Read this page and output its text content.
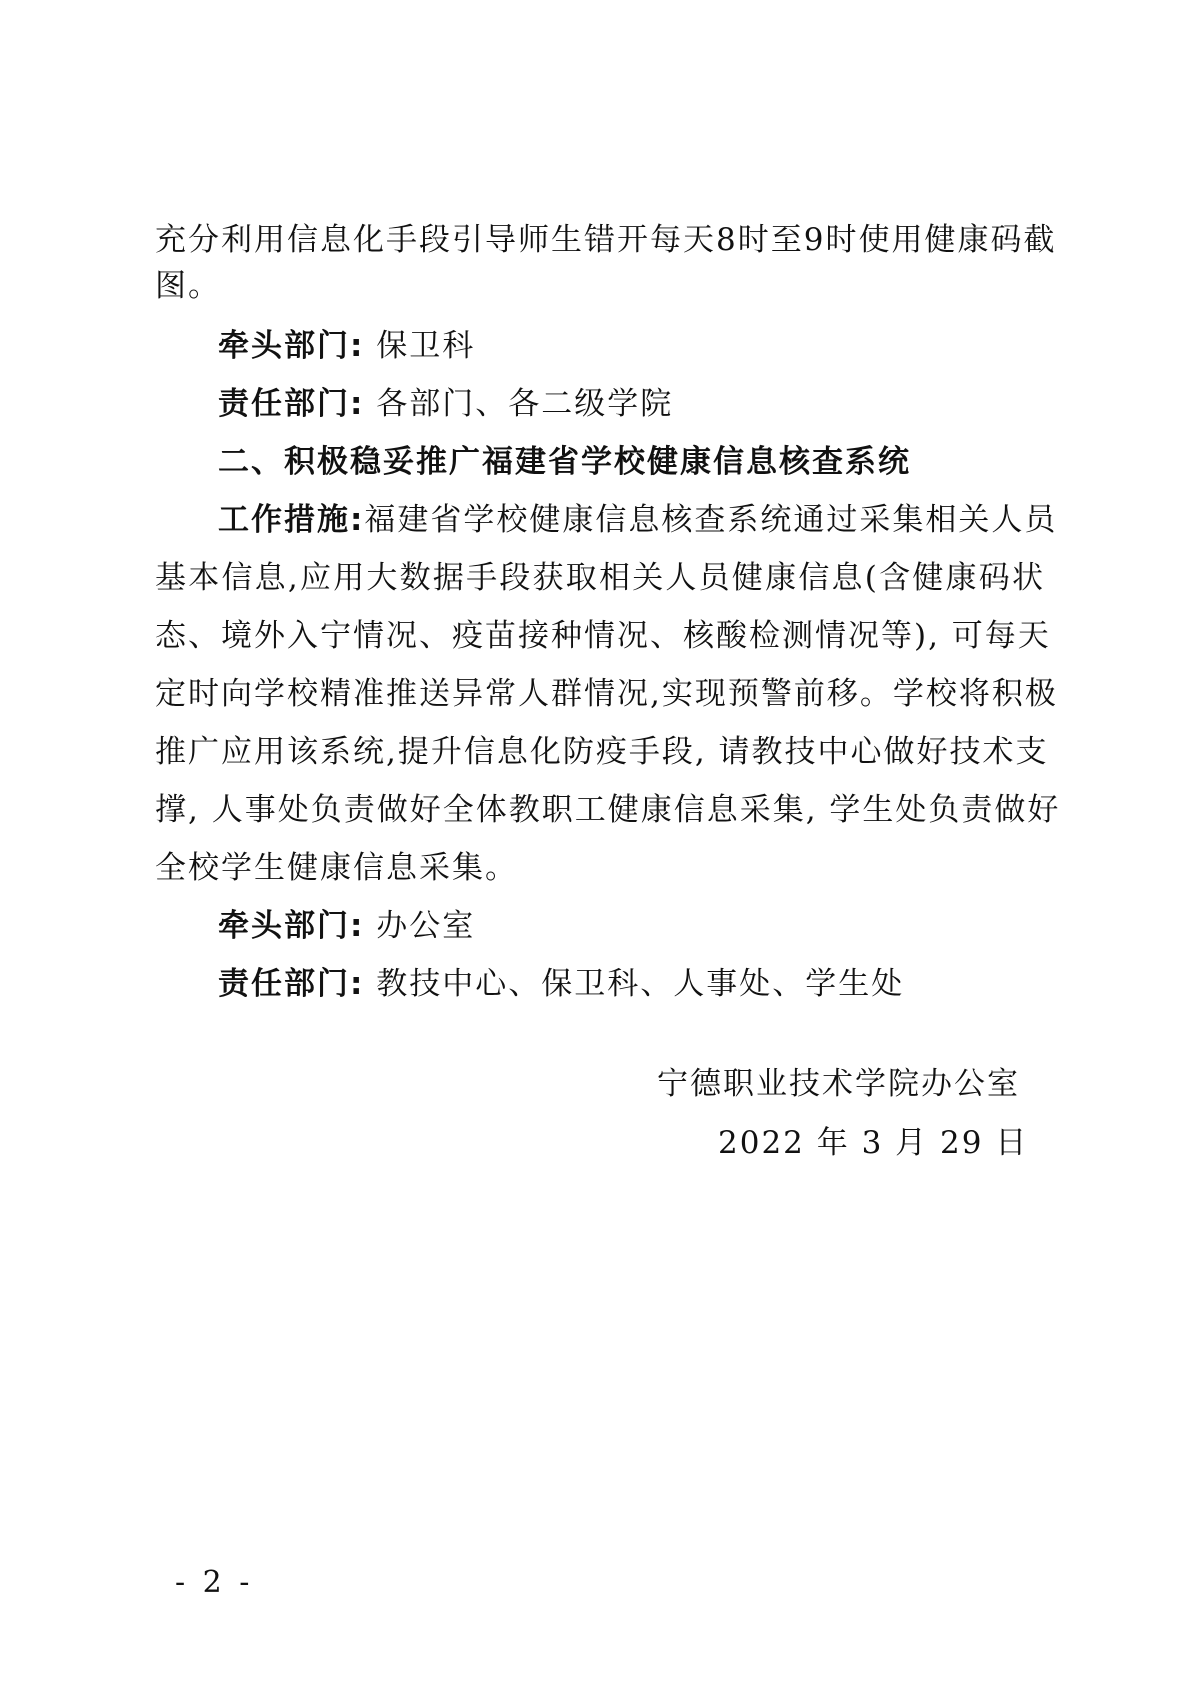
充分利用信息化手段引导师生错开每天8时至9时使用健康码截
图。
牵头部门: 保卫科
责任部门: 各部门、各二级学院
二、积极稳妥推广福建省学校健康信息核查系统
工作措施:福建省学校健康信息核查系统通过采集相关人员
基本信息,应用大数据手段获取相关人员健康信息(含健康码状
态、境外入宁情况、疫苗接种情况、核酸检测情况等), 可每天
定时向学校精准推送异常人群情况,实现预警前移。学校将积极
推广应用该系统,提升信息化防疫手段, 请教技中心做好技术支
撑, 人事处负责做好全体教职工健康信息采集, 学生处负责做好
全校学生健康信息采集。
牵头部门: 办公室
责任部门: 教技中心、保卫科、人事处、学生处
宁德职业技术学院办公室
2022 年 3 月 29 日
- 2 -
